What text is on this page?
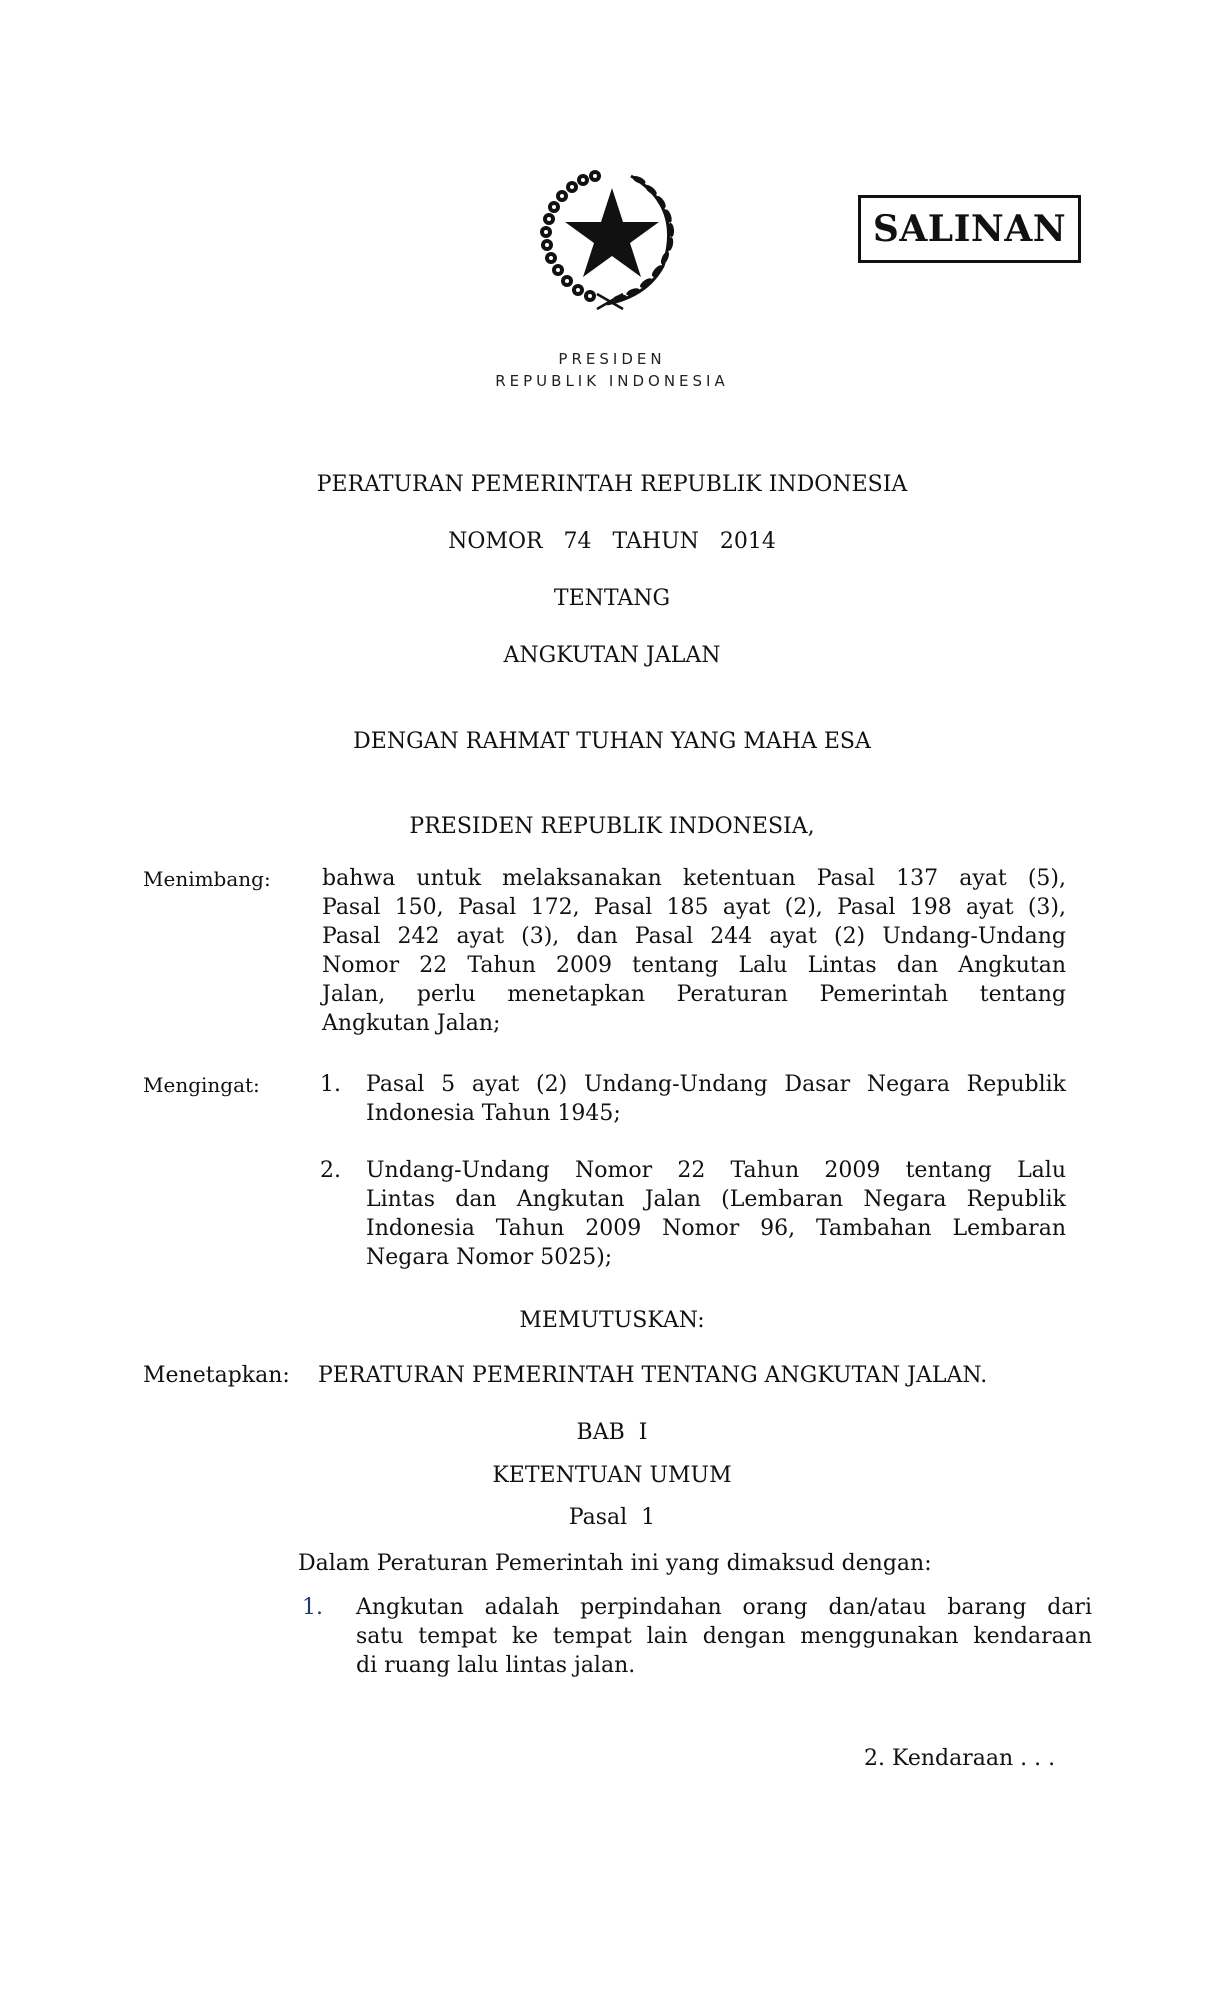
SALINAN
PRESIDEN
REPUBLIK INDONESIA
PERATURAN PEMERINTAH REPUBLIK INDONESIA
NOMOR   74   TAHUN   2014
TENTANG
ANGKUTAN JALAN
DENGAN RAHMAT TUHAN YANG MAHA ESA
PRESIDEN REPUBLIK INDONESIA,
Menimbang: bahwa untuk melaksanakan ketentuan Pasal 137 ayat (5),
Pasal 150, Pasal 172, Pasal 185 ayat (2), Pasal 198 ayat (3),
Pasal 242 ayat (3), dan Pasal 244 ayat (2) Undang-Undang
Nomor 22 Tahun 2009 tentang Lalu Lintas dan Angkutan
Jalan, perlu menetapkan Peraturan Pemerintah tentang
Angkutan Jalan;
Mengingat:	1. Pasal 5 ayat (2) Undang-Undang Dasar Negara Republik
Indonesia Tahun 1945;
2. Undang-Undang Nomor 22 Tahun 2009 tentang Lalu
Lintas dan Angkutan Jalan (Lembaran Negara Republik
Indonesia Tahun 2009 Nomor 96, Tambahan Lembaran
Negara Nomor 5025);
MEMUTUSKAN:
Menetapkan: PERATURAN PEMERINTAH TENTANG ANGKUTAN JALAN.
BAB  I
KETENTUAN UMUM
Pasal  1
Dalam Peraturan Pemerintah ini yang dimaksud dengan:
1. Angkutan adalah perpindahan orang dan/atau barang dari
satu tempat ke tempat lain dengan menggunakan kendaraan
di ruang lalu lintas jalan.
2. Kendaraan . . .
